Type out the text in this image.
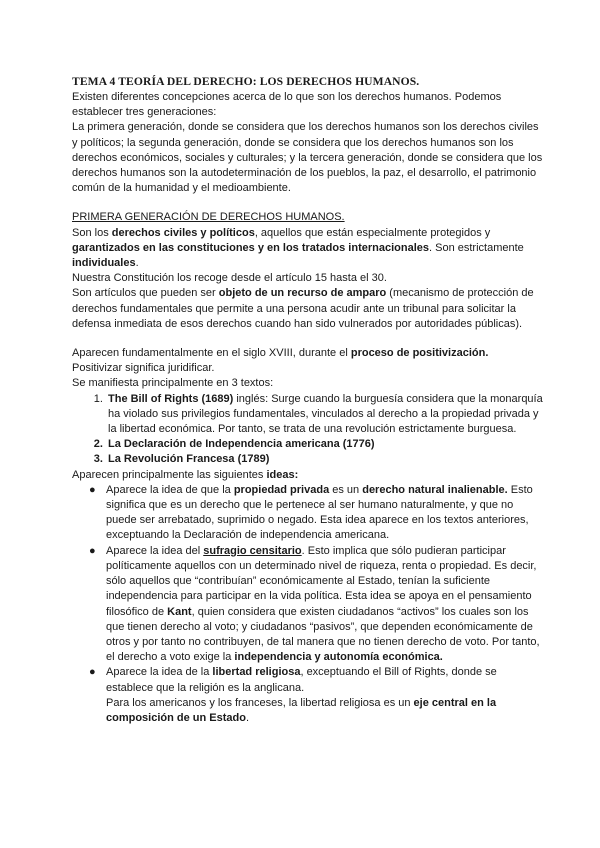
TEMA 4 TEORÍA DEL DERECHO: LOS DERECHOS HUMANOS.

Existen diferentes concepciones acerca de lo que son los derechos humanos. Podemos establecer tres generaciones:

La primera generación, donde se considera que los derechos humanos son los derechos civiles y políticos; la segunda generación, donde se considera que los derechos humanos son los derechos económicos, sociales y culturales; y la tercera generación, donde se considera que los derechos humanos son la autodeterminación de los pueblos, la paz, el desarrollo, el patrimonio común de la humanidad y el medioambiente.

PRIMERA GENERACIÓN DE DERECHOS HUMANOS.

Son los derechos civiles y políticos, aquellos que están especialmente protegidos y garantizados en las constituciones y en los tratados internacionales. Son estrictamente individuales.

Nuestra Constitución los recoge desde el artículo 15 hasta el 30.

Son artículos que pueden ser objeto de un recurso de amparo (mecanismo de protección de derechos fundamentales que permite a una persona acudir ante un tribunal para solicitar la defensa inmediata de esos derechos cuando han sido vulnerados por autoridades públicas).

Aparecen fundamentalmente en el siglo XVIII, durante el proceso de positivización.

Positivizar significa juridificar.

Se manifiesta principalmente en 3 textos:

1. The Bill of Rights (1689) inglés: Surge cuando la burguesía considera que la monarquía ha violado sus privilegios fundamentales, vinculados al derecho a la propiedad privada y la libertad económica. Por tanto, se trata de una revolución estrictamente burguesa.
2. La Declaración de Independencia americana (1776)
3. La Revolución Francesa (1789)

Aparecen principalmente las siguientes ideas:

● Aparece la idea de que la propiedad privada es un derecho natural inalienable. Esto significa que es un derecho que le pertenece al ser humano naturalmente, y que no puede ser arrebatado, suprimido o negado. Esta idea aparece en los textos anteriores, exceptuando la Declaración de independencia americana.
● Aparece la idea del sufragio censitario. Esto implica que sólo pudieran participar políticamente aquellos con un determinado nivel de riqueza, renta o propiedad. Es decir, sólo aquellos que “contribuían” económicamente al Estado, tenían la suficiente independencia para participar en la vida política. Esta idea se apoya en el pensamiento filosófico de Kant, quien considera que existen ciudadanos “activos” los cuales son los que tienen derecho al voto; y ciudadanos “pasivos”, que dependen económicamente de otros y por tanto no contribuyen, de tal manera que no tienen derecho de voto. Por tanto, el derecho a voto exige la independencia y autonomía económica.
● Aparece la idea de la libertad religiosa, exceptuando el Bill of Rights, donde se establece que la religión es la anglicana.
Para los americanos y los franceses, la libertad religiosa es un eje central en la composición de un Estado.
